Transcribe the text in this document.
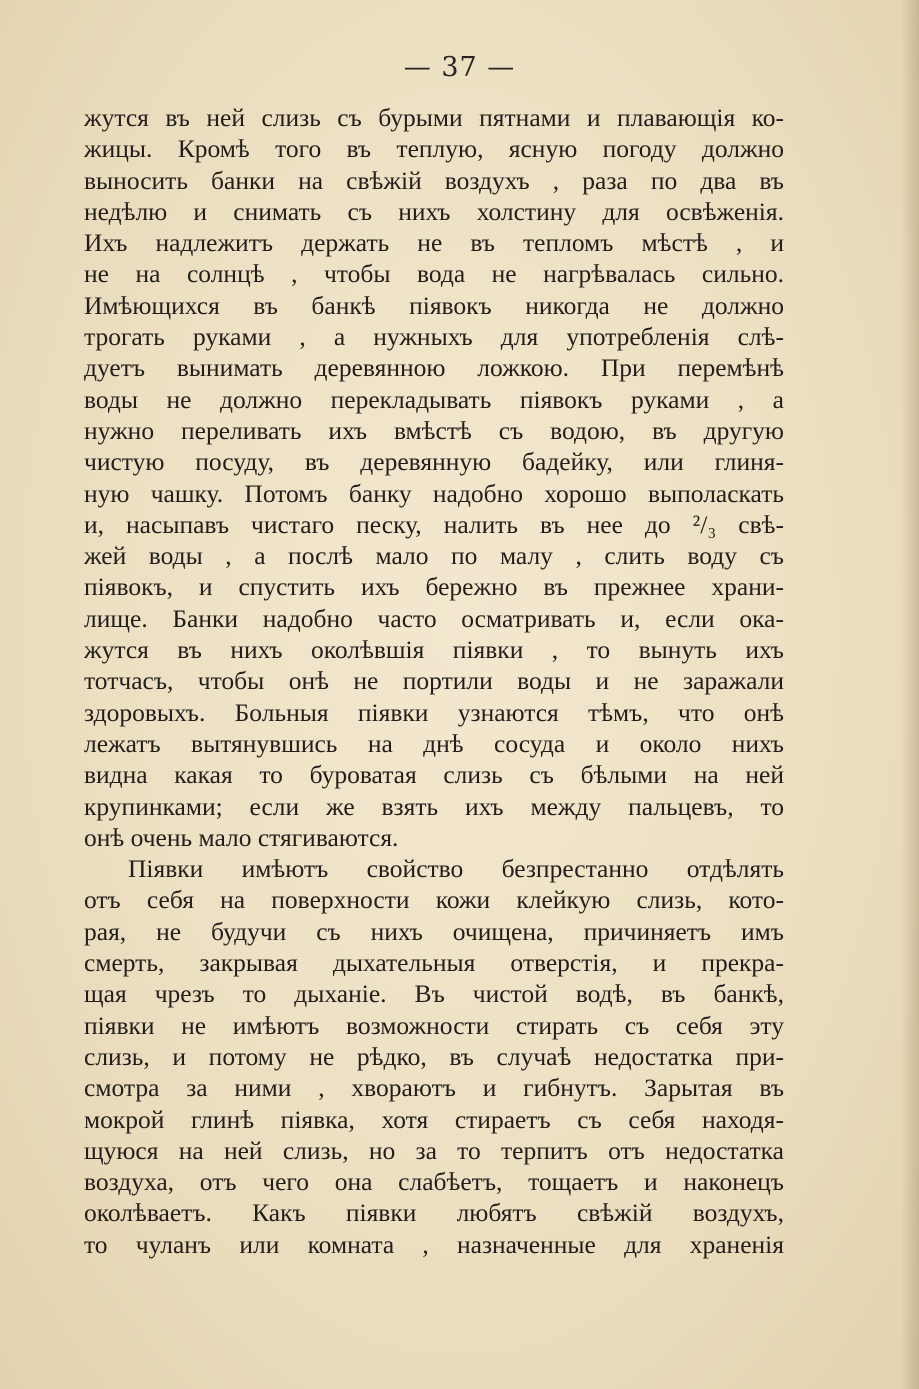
— 37 —
жутся въ ней слизь съ бурыми пятнами и плавающія ко-
жицы. Кромѣ того въ теплую, ясную погоду должно
выносить банки на свѣжій воздухъ , раза по два въ
недѣлю и снимать съ нихъ холстину для освѣженія.
Ихъ надлежитъ держать не въ тепломъ мѣстѣ , и
не на солнцѣ , чтобы вода не нагрѣвалась сильно.
Имѣющихся въ банкѣ піявокъ никогда не должно
трогать руками , а нужныхъ для употребленія слѣ-
дуетъ вынимать деревянною ложкою. При перемѣнѣ
воды не должно перекладывать піявокъ руками , а
нужно переливать ихъ вмѣстѣ съ водою, въ другую
чистую посуду, въ деревянную бадейку, или глиня-
ную чашку. Потомъ банку надобно хорошо выполаскать
и, насыпавъ чистаго песку, налить въ нее до ²/₃ свѣ-
жей воды , а послѣ мало по малу , слить воду съ
піявокъ, и спустить ихъ бережно въ прежнее храни-
лище. Банки надобно часто осматривать и, если ока-
жутся въ нихъ околѣвшія піявки , то вынуть ихъ
тотчасъ, чтобы онѣ не портили воды и не заражали
здоровыхъ. Больныя піявки узнаются тѣмъ, что онѣ
лежатъ вытянувшись на днѣ сосуда и около нихъ
видна какая то буроватая слизь съ бѣлыми на ней
крупинками; если же взять ихъ между пальцевъ, то
онѣ очень мало стягиваются.
Піявки имѣютъ свойство безпрестанно отдѣлять
отъ себя на поверхности кожи клейкую слизь, кото-
рая, не будучи съ нихъ очищена, причиняетъ имъ
смерть, закрывая дыхательныя отверстія, и прекра-
щая чрезъ то дыханіе. Въ чистой водѣ, въ банкѣ,
піявки не имѣютъ возможности стирать съ себя эту
слизь, и потому не рѣдко, въ случаѣ недостатка при-
смотра за ними , хвораютъ и гибнутъ. Зарытая въ
мокрой глинѣ піявка, хотя стираетъ съ себя находя-
щуюся на ней слизь, но за то терпитъ отъ недостатка
воздуха, отъ чего она слабѣетъ, тощаетъ и наконецъ
околѣваетъ. Какъ піявки любятъ свѣжій воздухъ,
то чуланъ или комната , назначенные для храненія
